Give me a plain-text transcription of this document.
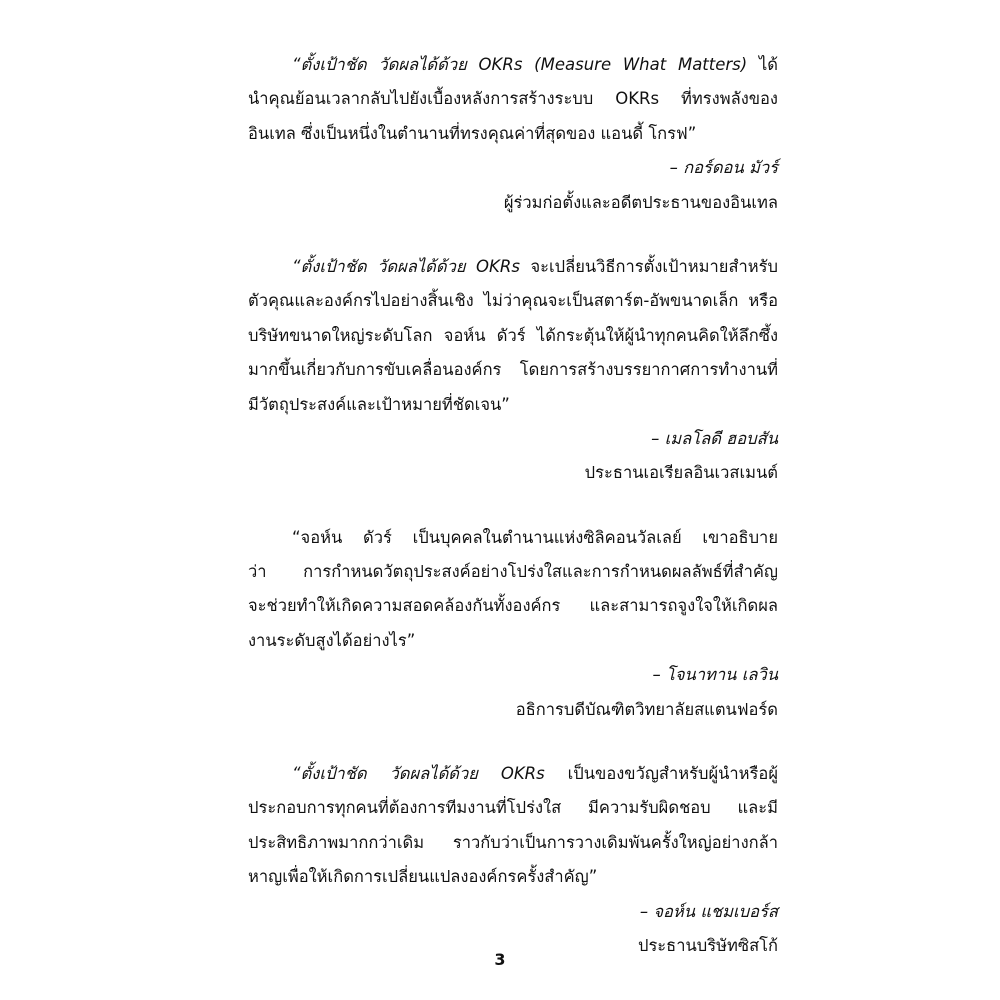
“ตั้งเป้าชัด วัดผลได้ด้วย OKRs (Measure What Matters) ได้
นำคุณย้อนเวลากลับไปยังเบื้องหลังการสร้างระบบ OKRs ที่ทรงพลังของ
อินเทล ซึ่งเป็นหนึ่งในตำนานที่ทรงคุณค่าที่สุดของ แอนดี้ โกรฟ”
– กอร์ดอน มัวร์
ผู้ร่วมก่อตั้งและอดีตประธานของอินเทล
“ตั้งเป้าชัด วัดผลได้ด้วย OKRs จะเปลี่ยนวิธีการตั้งเป้าหมายสำหรับ
ตัวคุณและองค์กรไปอย่างสิ้นเชิง ไม่ว่าคุณจะเป็นสตาร์ต-อัพขนาดเล็ก หรือ
บริษัทขนาดใหญ่ระดับโลก จอห์น ดัวร์ ได้กระตุ้นให้ผู้นำทุกคนคิดให้ลึกซึ้ง
มากขึ้นเกี่ยวกับการขับเคลื่อนองค์กร โดยการสร้างบรรยากาศการทำงานที่
มีวัตถุประสงค์และเป้าหมายที่ชัดเจน”
– เมลโลดี ฮอบสัน
ประธานเอเรียลอินเวสเมนต์
“จอห์น ดัวร์ เป็นบุคคลในตำนานแห่งซิลิคอนวัลเลย์ เขาอธิบาย
ว่า การกำหนดวัตถุประสงค์อย่างโปร่งใสและการกำหนดผลลัพธ์ที่สำคัญ
จะช่วยทำให้เกิดความสอดคล้องกันทั้งองค์กร และสามารถจูงใจให้เกิดผล
งานระดับสูงได้อย่างไร”
– โจนาทาน เลวิน
อธิการบดีบัณฑิตวิทยาลัยสแตนฟอร์ด
“ตั้งเป้าชัด วัดผลได้ด้วย OKRs เป็นของขวัญสำหรับผู้นำหรือผู้
ประกอบการทุกคนที่ต้องการทีมงานที่โปร่งใส มีความรับผิดชอบ และมี
ประสิทธิภาพมากกว่าเดิม ราวกับว่าเป็นการวางเดิมพันครั้งใหญ่อย่างกล้า
หาญเพื่อให้เกิดการเปลี่ยนแปลงองค์กรครั้งสำคัญ”
– จอห์น แชมเบอร์ส
ประธานบริษัทซิสโก้
3
